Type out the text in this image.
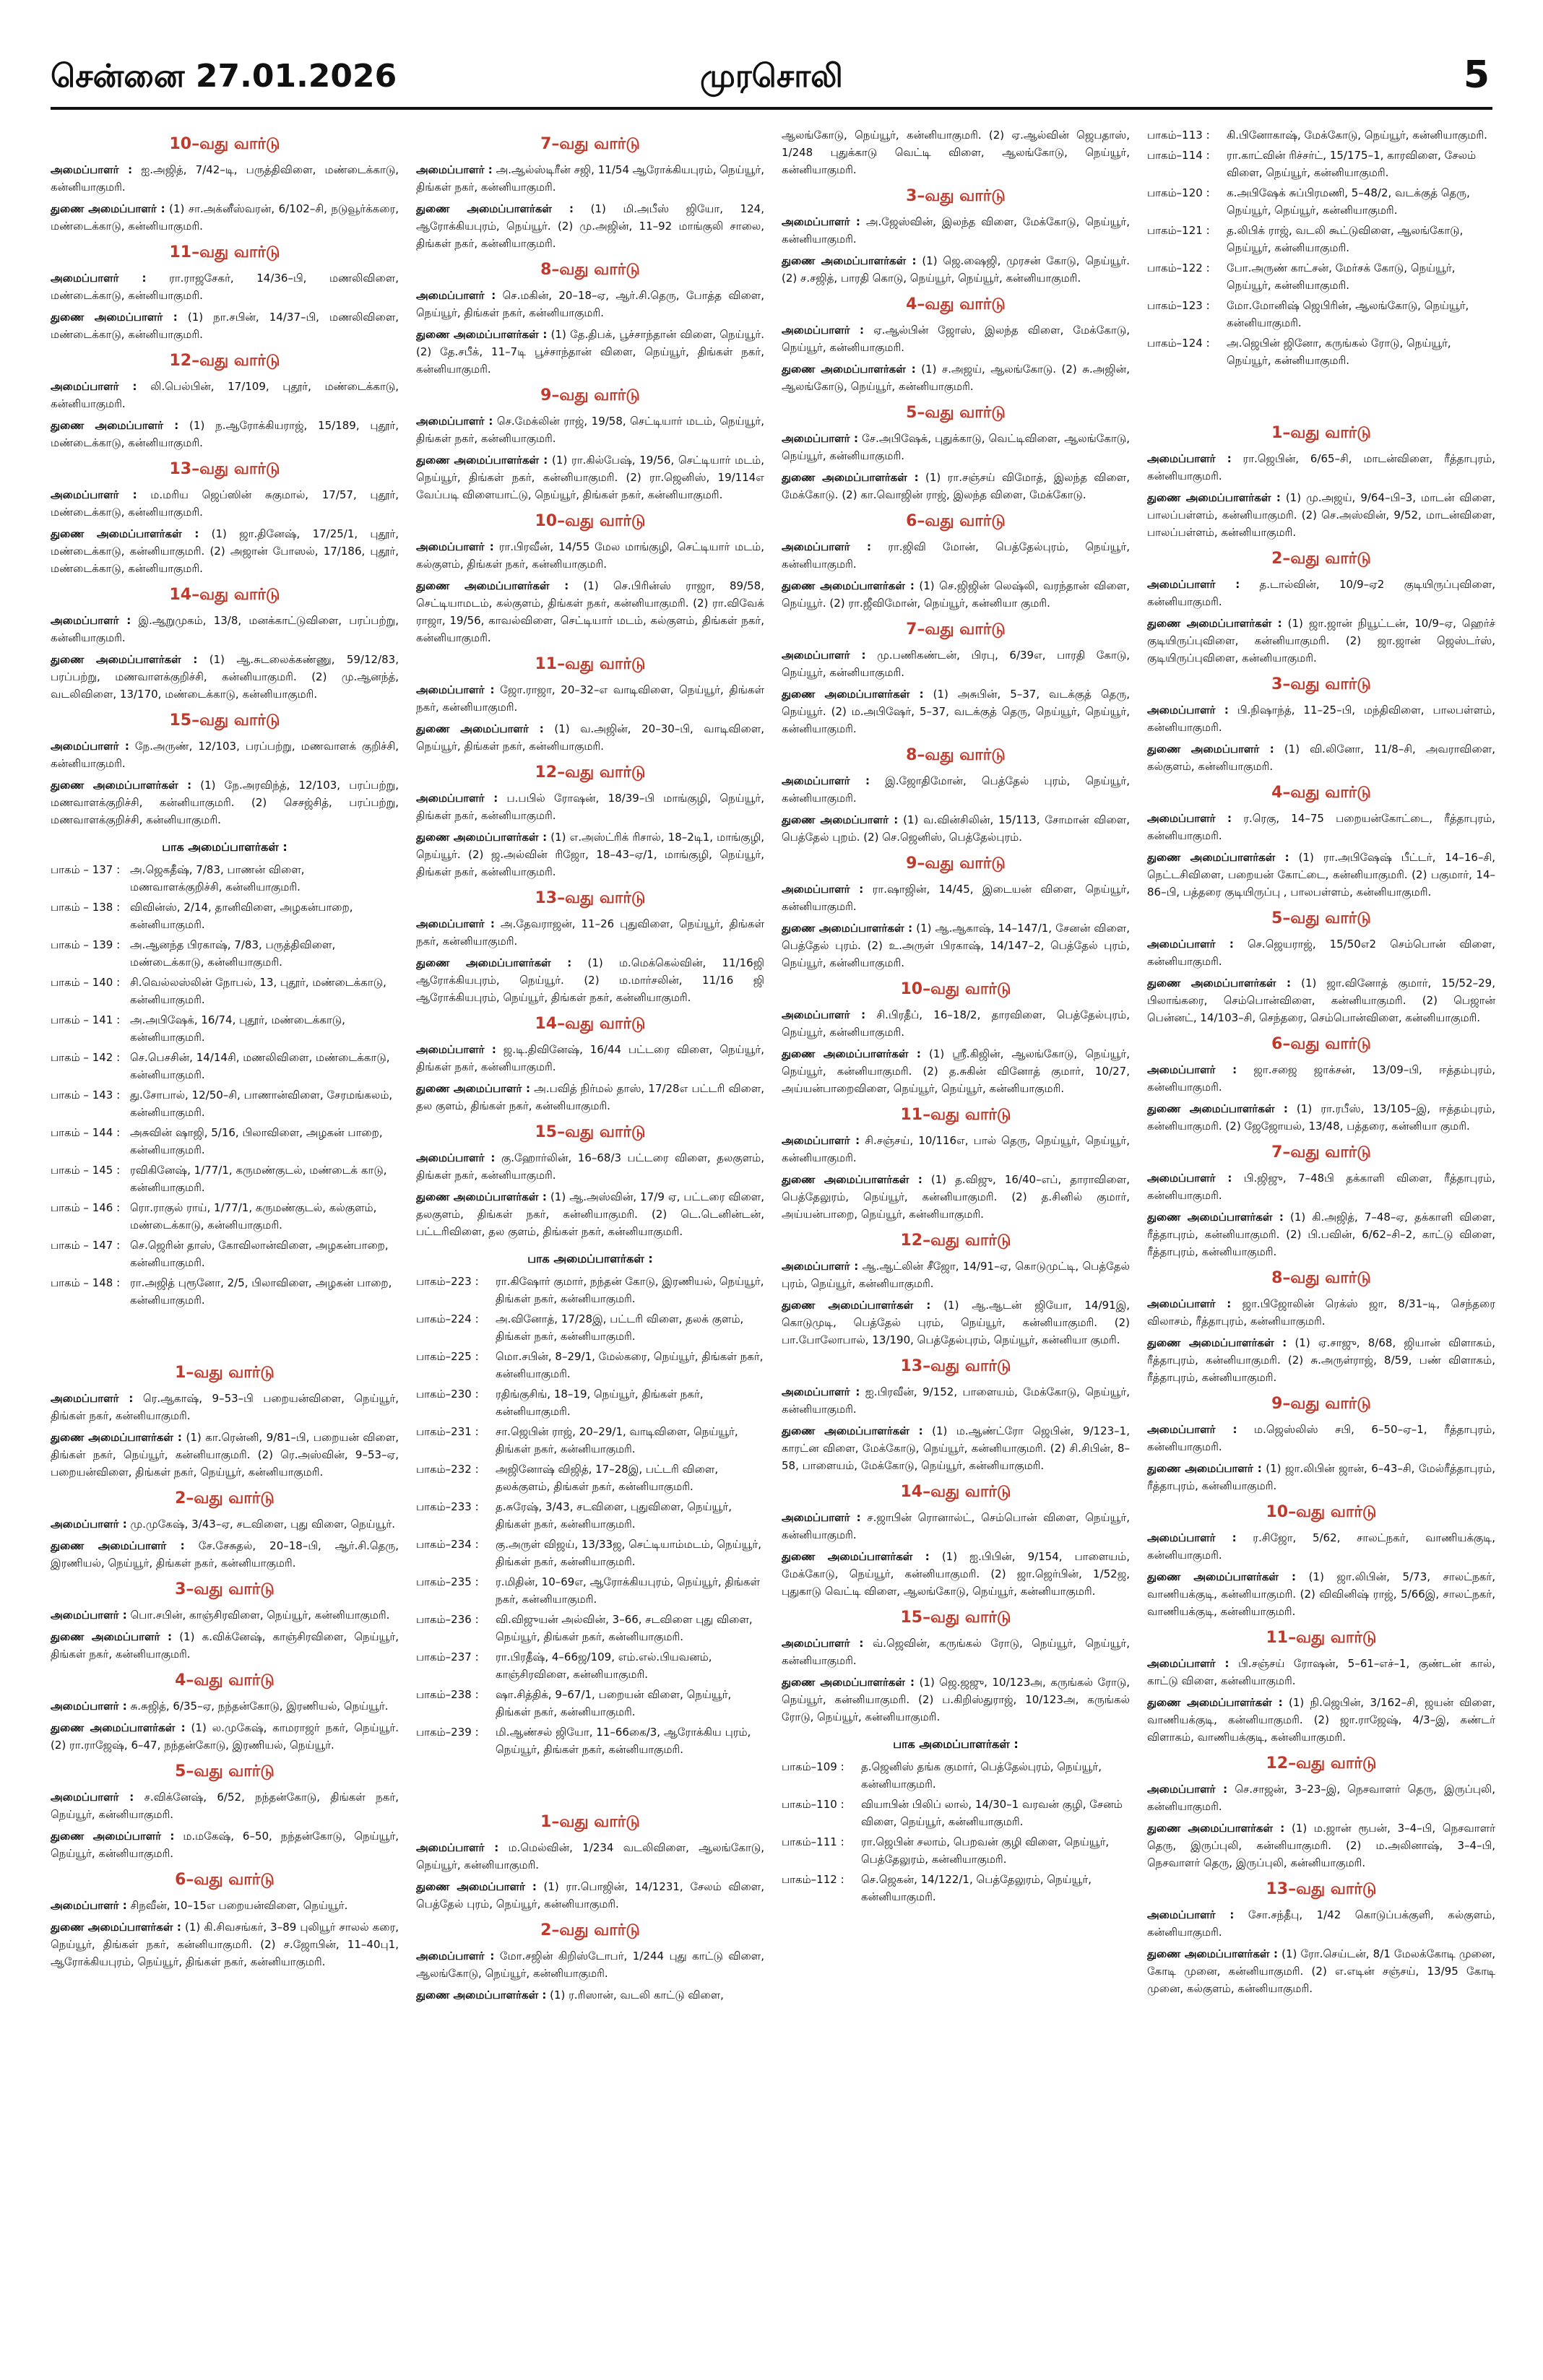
சென்னை 27.01.2026	முரசொலி	5
10–வது வார்டு

அமைப்பாளர் : ஐ.அஜித், 7/42–டி, பருத்திவிளை, மண்டைக்காடு, கன்னியாகுமரி.

துணை அமைப்பாளர் : (1) சா.அக்னீஸ்வரன், 6/102–சி, நடுவூர்க்கரை, மண்டைக்காடு, கன்னியாகுமரி.

11–வது வார்டு

அமைப்பாளர் : ரா.ராஜசேகர், 14/36–பி, மணலிவிளை, மண்டைக்காடு, கன்னியாகுமரி.

துணை அமைப்பாளர் : (1) நா.சபின், 14/37–பி, மணலிவிளை, மண்டைக்காடு, கன்னியாகுமரி.

12–வது வார்டு

அமைப்பாளர் : லி.பெல்பின், 17/109, புதூர், மண்டைக்காடு, கன்னியாகுமரி.

துணை அமைப்பாளர் : (1) ந.ஆரோக்கியராஜ், 15/189, புதூர், மண்டைக்காடு, கன்னியாகுமரி.

13–வது வார்டு

அமைப்பாளர் : ம.மரிய ஜெப்ஸின் சுகுமால், 17/57, புதூர், மண்டைக்காடு, கன்னியாகுமரி.

துணை அமைப்பாளர்கள் : (1) ஜா.தினேஷ், 17/25/1, புதூர், மண்டைக்காடு, கன்னியாகுமரி. (2) அஜான் போஸல், 17/186, புதூர், மண்டைக்காடு, கன்னியாகுமரி.

14–வது வார்டு

அமைப்பாளர் : இ.ஆறுமுகம், 13/8, மனக்காட்டுவிளை, பரப்பற்று, கன்னியாகுமரி.

துணை அமைப்பாளர்கள் : (1) ஆ.சுடலைக்கண்ணு, 59/12/83, பரப்பற்று, மணவாளக்குறிச்சி, கன்னியாகுமரி. (2) மு.ஆனந்த், வடலிவிளை, 13/170, மண்டைக்காடு, கன்னியாகுமரி.

15–வது வார்டு

அமைப்பாளர் : நே.அருண், 12/103, பரப்பற்று, மணவாளக் குறிச்சி, கன்னியாகுமரி.

துணை அமைப்பாளர்கள் : (1) நே.அரவிந்த், 12/103, பரப்பற்று, மணவாளக்குறிச்சி, கன்னியாகுமரி. (2) செசஜ்சித், பரப்பற்று, மணவாளக்குறிச்சி, கன்னியாகுமரி.

பாக அமைப்பாளர்கள் :
பாகம் – 137 : அ.ஜெகதீஷ், 7/83, பாணன் விளை, மணவாளக்குறிச்சி, கன்னியாகுமரி.
பாகம் – 138 : விவின்ஸ், 2/14, தானிவிளை, அழகன்பாறை, கன்னியாகுமரி.
பாகம் – 139 : அ.ஆனந்த பிரகாஷ், 7/83, பருத்திவிளை, மண்டைக்காடு, கன்னியாகுமரி.
பாகம் – 140 : சி.வெல்லஸ்லின் நோபல், 13, புதூர், மண்டைக்காடு, கன்னியாகுமரி.
பாகம் – 141 : அ.அபிஷேக், 16/74, புதூர், மண்டைக்காடு, கன்னியாகுமரி.
பாகம் – 142 : செ.பெசசின், 14/14சி, மணலிவிளை, மண்டைக்காடு, கன்னியாகுமரி.
பாகம் – 143 : து.சோபால், 12/50–சி, பாணான்விளை, சேரமங்கலம், கன்னியாகுமரி.
பாகம் – 144 : அசுவின் ஷாஜி, 5/16, பிலாவிளை, அழகன் பாறை, கன்னியாகுமரி.
பாகம் – 145 : ரவிகினேஷ், 1/77/1, கருமண்குடல், மண்டைக் காடு, கன்னியாகுமரி.
பாகம் – 146 : ரொ.ராகுல் ராய், 1/77/1, கருமண்குடல், கல்குளம், மண்டைக்காடு, கன்னியாகுமரி.
பாகம் – 147 : செ.ஜெரின் தாஸ், கோவிலான்விளை, அழகன்பாறை, கன்னியாகுமரி.
பாகம் – 148 : ரா.அஜித் புரூனோ, 2/5, பிலாவிளை, அழகன் பாறை, கன்னியாகுமரி.
1–வது வார்டு

அமைப்பாளர் : ரெ.ஆகாஷ், 9–53–பி பறையன்விளை, நெய்யூர், திங்கள் நகர், கன்னியாகுமரி.

துணை அமைப்பாளர்கள் : (1) கா.ரென்னி, 9/81–பி, பறையன் விளை, திங்கள் நகர், நெய்யூர், கன்னியாகுமரி. (2) ரெ.அஸ்வின், 9–53–ஏ, பறையன்விளை, திங்கள் நகர், நெய்யூர், கன்னியாகுமரி.

2–வது வார்டு

அமைப்பாளர் : மு.முகேஷ், 3/43–ஏ, சடவிளை, புது விளை, நெய்யூர்.

துணை அமைப்பாளர் : சே.சேசுதல், 20–18–பி, ஆர்.சி.தெரு, இரணியல், நெய்யூர், திங்கள் நகர், கன்னியாகுமரி.

3–வது வார்டு

அமைப்பாளர் : பொ.சபின், காஞ்சிரவிளை, நெய்யூர், கன்னியாகுமரி.

துணை அமைப்பாளர் : (1) க.விக்னேஷ், காஞ்சிரவிளை, நெய்யூர், திங்கள் நகர், கன்னியாகுமரி.

4–வது வார்டு

அமைப்பாளர் : சு.சுஜித், 6/35–ஏ, நந்தன்கோடு, இரணியல், நெய்யூர்.

துணை அமைப்பாளர்கள் : (1) ல.முகேஷ், காமராஜர் நகர், நெய்யூர். (2) ரா.ராஜேஷ், 6–47, நந்தன்கோடு, இரணியல், நெய்யூர்.

5–வது வார்டு

அமைப்பாளர் : ச.விக்னேஷ், 6/52, நந்தன்கோடு, திங்கள் நகர், நெய்யூர், கன்னியாகுமரி.

துணை அமைப்பாளர் : ம.மகேஷ், 6–50, நந்தன்கோடு, நெய்யூர், நெய்யூர், கன்னியாகுமரி.

6–வது வார்டு

அமைப்பாளர் : சிநவீன், 10–15எ பறையன்விளை, நெய்யூர்.

துணை அமைப்பாளர்கள் : (1) கி.சிவசங்கர், 3–89 புலியூர் சாலல் கரை, நெய்யூர், திங்கள் நகர், கன்னியாகுமரி. (2) ச.ஜோபின், 11–40பு1, ஆரோக்கியபுரம், நெய்யூர், திங்கள் நகர், கன்னியாகுமரி.

7–வது வார்டு

அமைப்பாளர் : அ.ஆல்ஸ்டிரீன் சஜி, 11/54 ஆரோக்கியபுரம், நெய்யூர், திங்கள் நகர், கன்னியாகுமரி.

துணை அமைப்பாளர்கள் : (1) மி.அபீஸ் ஜியோ, 124, ஆரோக்கியபுரம், நெய்யூர். (2) மு.அஜின், 11–92 மாங்குலி சாலை, திங்கள் நகர், கன்னியாகுமரி.

8–வது வார்டு

அமைப்பாளர் : செ.மகின், 20–18–ஏ, ஆர்.சி.தெரு, போத்த விளை, நெய்யூர், திங்கள் நகர், கன்னியாகுமரி.

துணை அமைப்பாளர்கள் : (1) தே.திபக், பூச்சாந்தான் விளை, நெய்யூர். (2) தே.சபீக், 11–7டி பூச்சாந்தான் விளை, நெய்யூர், திங்கள் நகர், கன்னியாகுமரி.

9–வது வார்டு

அமைப்பாளர் : செ.மேக்லின் ராஜ், 19/58, செட்டியார் மடம், நெய்யூர், திங்கள் நகர், கன்னியாகுமரி.

துணை அமைப்பாளர்கள் : (1) ரா.கில்பேஷ், 19/56, செட்டியார் மடம், நெய்யூர், திங்கள் நகர், கன்னியாகுமரி. (2) ரா.ஜெனிஸ், 19/114எ வேப்படி விளையாட்டு, நெய்யூர், திங்கள் நகர், கன்னியாகுமரி.

10–வது வார்டு

அமைப்பாளர் : ரா.பிரவீன், 14/55 மேல மாங்குழி, செட்டியார் மடம், கல்குளம், திங்கள் நகர், கன்னியாகுமரி.

துணை அமைப்பாளர்கள் : (1) செ.பிரின்ஸ் ராஜா, 89/58, செட்டியாமடம், கல்குளம், திங்கள் நகர், கன்னியாகுமரி. (2) ரா.விவேக் ராஜா, 19/56, காவல்விளை, செட்டியார் மடம், கல்குளம், திங்கள் நகர், கன்னியாகுமரி.

11–வது வார்டு

அமைப்பாளர் : ஜோ.ராஜா, 20–32–எ வாடிவிளை, நெய்யூர், திங்கள் நகர், கன்னியாகுமரி.

துணை அமைப்பாளர் : (1) வ.அஜின், 20–30–பி, வாடிவிளை, நெய்யூர், திங்கள் நகர், கன்னியாகுமரி.

12–வது வார்டு

அமைப்பாளர் : ப.பபில் ரோஷன், 18/39–பி மாங்குழி, நெய்யூர், திங்கள் நகர், கன்னியாகுமரி.

துணை அமைப்பாளர்கள் : (1) எ.அஸ்ட்ரிக் ரிசால், 18–2டி1, மாங்குழி, நெய்யூர். (2) ஜ.அல்வின் ரிஜோ, 18–43–ஏ/1, மாங்குழி, நெய்யூர், திங்கள் நகர், கன்னியாகுமரி.

13–வது வார்டு

அமைப்பாளர் : அ.தேவராஜன், 11–26 புதுவிளை, நெய்யூர், திங்கள் நகர், கன்னியாகுமரி.

துணை அமைப்பாளர்கள் : (1) ம.மெக்கெல்வின், 11/16ஜி ஆரோக்கியபுரம், நெய்யூர். (2) ம.மார்சலின், 11/16 ஜி ஆரோக்கியபுரம், நெய்யூர், திங்கள் நகர், கன்னியாகுமரி.

14–வது வார்டு

அமைப்பாளர் : ஜ.டி.திவினேஷ், 16/44 பட்டரை விளை, நெய்யூர், திங்கள் நகர், கன்னியாகுமரி.

துணை அமைப்பாளர் : அ.பவித் நிர்மல் தாஸ், 17/28எ பட்டரி விளை, தல குளம், திங்கள் நகர், கன்னியாகுமரி.

15–வது வார்டு

அமைப்பாளர் : கு.ஹோர்லின், 16–68/3 பட்டரை விளை, தலகுளம், திங்கள் நகர், கன்னியாகுமரி.

துணை அமைப்பாளர்கள் : (1) ஆ.அஸ்வின், 17/9 ஏ, பட்டரை விளை, தலகுளம், திங்கள் நகர், கன்னியாகுமரி. (2) டெ.டெனின்டன், பட்டரிவிளை, தல குளம், திங்கள் நகர், கன்னியாகுமரி.

பாக அமைப்பாளர்கள் :
பாகம்–223 :	ரா.கிஷோர் குமார், நந்தன் கோடு, இரணியல், நெய்யூர், திங்கள் நகர், கன்னியாகுமரி.
பாகம்–224 :	அ.வினோத், 17/28இ, பட்டரி விளை, தலக் குளம், திங்கள் நகர், கன்னியாகுமரி.
பாகம்–225 :	மொ.சபின், 8–29/1, மேல்கரை, நெய்யூர், திங்கள் நகர், கன்னியாகுமரி.
பாகம்–230 :	ரதிங்குசிங், 18–19, நெய்யூர், திங்கள் நகர், கன்னியாகுமரி.
பாகம்–231 :	சா.ஜெபின் ராஜ், 20–29/1, வாடிவிளை, நெய்யூர், திங்கள் நகர், கன்னியாகுமரி.
பாகம்–232 :	அஜினோஷ் விஜித், 17–28இ, பட்டரி விளை, தலக்குளம், திங்கள் நகர், கன்னியாகுமரி.
பாகம்–233 :	த.சுரேஷ், 3/43, சடவிளை, புதுவிளை, நெய்யூர், திங்கள் நகர், கன்னியாகுமரி.
பாகம்–234 :	கு.அருள் விஜய், 13/33ஜ, செட்டியாம்மடம், நெய்யூர், திங்கள் நகர், கன்னியாகுமரி.
பாகம்–235 :	ர.மிதின், 10–69எ, ஆரோக்கியபுரம், நெய்யூர், திங்கள் நகர், கன்னியாகுமரி.
பாகம்–236 :	வி.விஜுயன் அல்வின், 3–66, சடவிளை புது விளை, நெய்யூர், திங்கள் நகர், கன்னியாகுமரி.
பாகம்–237 :	ரா.பிரதீஷ், 4–66ஜ/109, எம்.எல்.பியவனம், காஞ்சிரவிளை, கன்னியாகுமரி.
பாகம்–238 :	ஷா.சித்திக், 9–67/1, பறையன் விளை, நெய்யூர், திங்கள் நகர், கன்னியாகுமரி.
பாகம்–239 :	மி.ஆண்சல் ஜியோ, 11–66கை/3, ஆரோக்கிய புரம், நெய்யூர், திங்கள் நகர், கன்னியாகுமரி.
1–வது வார்டு

அமைப்பாளர் : ம.மெல்வின், 1/234 வடலிவிளை, ஆலங்கோடு, நெய்யூர், கன்னியாகுமரி.

துணை அமைப்பாளர் : (1) ரா.பொஜின், 14/1231, சேலம் விளை, பெத்தேல் புரம், நெய்யூர், கன்னியாகுமரி.

2–வது வார்டு

அமைப்பாளர் : மோ.சஜின் கிறிஸ்டோபர், 1/244 புது காட்டு விளை, ஆலங்கோடு, நெய்யூர், கன்னியாகுமரி.

துணை அமைப்பாளர்கள் : (1) ர.ரிஸான், வடலி காட்டு விளை,

ஆலங்கோடு, நெய்யூர், கன்னியாகுமரி. (2) ஏ.ஆல்வின் ஜெபதாஸ், 1/248 புதுக்காடு வெட்டி விளை, ஆலங்கோடு, நெய்யூர், கன்னியாகுமரி.

3–வது வார்டு

அமைப்பாளர் : அ.ஜேஸ்வின், இலந்த விளை, மேக்கோடு, நெய்யூர், கன்னியாகுமரி.

துணை அமைப்பாளர்கள் : (1) ஜெ.ஷைஜி, முரசன் கோடு, நெய்யூர். (2) ச.சஜித், பாரதி கொடு, நெய்யூர், நெய்யூர், கன்னியாகுமரி.

4–வது வார்டு

அமைப்பாளர் : ஏ.ஆல்பின் ஜோஸ், இலந்த விளை, மேக்கோடு, நெய்யூர், கன்னியாகுமரி.

துணை அமைப்பாளர்கள் : (1) ச.அஜய், ஆலங்கோடு. (2) சு.அஜின், ஆலங்கோடு, நெய்யூர், கன்னியாகுமரி.

5–வது வார்டு

அமைப்பாளர் : சே.அபிஷேக், புதுக்காடு, வெட்டிவிளை, ஆலங்கோடு, நெய்யூர், கன்னியாகுமரி.

துணை அமைப்பாளர்கள் : (1) ரா.சஞ்சய் விமோத், இலந்த விளை, மேக்கோடு. (2) கா.வொஜின் ராஜ், இலந்த விளை, மேக்கோடு.

6–வது வார்டு

அமைப்பாளர் : ரா.ஜிவி மோன், பெத்தேல்புரம், நெய்யூர், கன்னியாகுமரி.

துணை அமைப்பாளர்கள் : (1) செ.ஜிஜின் லெஷ்லி, வரந்தான் விளை, நெய்யூர். (2) ரா.ஜீவிமோன், நெய்யூர், கன்னியா குமரி.

7–வது வார்டு

அமைப்பாளர் : மு.பணிகண்டன், பிரபு, 6/39எ, பாரதி கோடு, நெய்யூர், கன்னியாகுமரி.

துணை அமைப்பாளர்கள் : (1) அசுபின், 5–37, வடக்குத் தெரு, நெய்யூர். (2) ம.அபிஷேர், 5–37, வடக்குத் தெரு, நெய்யூர், நெய்யூர், கன்னியாகுமரி.

8–வது வார்டு

அமைப்பாளர் : இ.ஜோதிமோன், பெத்தேல் புரம், நெய்யூர், கன்னியாகுமரி.

துணை அமைப்பாளர் : (1) வ.வின்சிலின், 15/113, சோமான் விளை, பெத்தேல் புறம். (2) செ.ஜெனிஸ், பெத்தேல்புரம்.

9–வது வார்டு

அமைப்பாளர் : ரா.ஷாஜின், 14/45, இடையன் விளை, நெய்யூர், கன்னியாகுமரி.

துணை அமைப்பாளர்கள் : (1) ஆ.ஆகாஷ், 14–147/1, சேனன் விளை, பெத்தேல் புரம். (2) உ.அருள் பிரகாஷ், 14/147–2, பெத்தேல் புரம், நெய்யூர், கன்னியாகுமரி.

10–வது வார்டு

அமைப்பாளர் : சி.பிரதீப், 16–18/2, தாரவிளை, பெத்தேல்புரம், நெய்யூர், கன்னியாகுமரி.

துணை அமைப்பாளர்கள் : (1) ஸ்ரீ.கிஜின், ஆலங்கோடு, நெய்யூர், நெய்யூர், கன்னியாகுமரி. (2) த.சுகின் வினோத் குமார், 10/27, அய்யன்பாறைவிளை, நெய்யூர், நெய்யூர், கன்னியாகுமரி.

11–வது வார்டு

அமைப்பாளர் : சி.சஞ்சய், 10/116எ, பால் தெரு, நெய்யூர், நெய்யூர், கன்னியாகுமரி.

துணை அமைப்பாளர்கள் : (1) த.விஜு, 16/40–எப், தாராவிளை, பெத்தேலுரம், நெய்யூர், கன்னியாகுமரி. (2) த.சினில் குமார், அய்யன்பாறை, நெய்யூர், கன்னியாகுமரி.

12–வது வார்டு

அமைப்பாளர் : ஆ.ஆட்லின் சீஜோ, 14/91–ஏ, கொடுமுட்டி, பெத்தேல் புரம், நெய்யூர், கன்னியாகுமரி.

துணை அமைப்பாளர்கள் : (1) ஆ.ஆடன் ஜியோ, 14/91இ, கொடுமுடி, பெத்தேல் புரம், நெய்யூர், கன்னியாகுமரி. (2) பா.போலோபால், 13/190, பெத்தேல்புரம், நெய்யூர், கன்னியா குமரி.

13–வது வார்டு

அமைப்பாளர் : ஐ.பிரவீன், 9/152, பாளையம், மேக்கோடு, நெய்யூர், கன்னியாகுமரி.

துணை அமைப்பாளர்கள் : (1) ம.ஆண்ட்ரோ ஜெபின், 9/123–1, காரட்ன விளை, மேக்கோடு, நெய்யூர், கன்னியாகுமரி. (2) சி.சிபின், 8–58, பாளையம், மேக்கோடு, நெய்யூர், கன்னியாகுமரி.

14–வது வார்டு

அமைப்பாளர் : ச.ஜாபின் ரொனால்ட், செம்பொன் விளை, நெய்யூர், கன்னியாகுமரி.

துணை அமைப்பாளர்கள் : (1) ஐ.பிபின், 9/154, பாளையம், மேக்கோடு, நெய்யூர், கன்னியாகுமரி. (2) ஜா.ஜெர்பின், 1/52ஜ, புதுகாடு வெட்டி விளை, ஆலங்கோடு, நெய்யூர், கன்னியாகுமரி.

15–வது வார்டு

அமைப்பாளர் : வ்.ஜெவின், கருங்கல் ரோடு, நெய்யூர், நெய்யூர், கன்னியாகுமரி.

துணை அமைப்பாளர்கள் : (1) ஜெ.ஜஜு, 10/123அ, கருங்கல் ரோடு, நெய்யூர், கன்னியாகுமரி. (2) ப.கிறிஸ்துராஜ், 10/123அ, கருங்கல் ரோடு, நெய்யூர், கன்னியாகுமரி.

பாக அமைப்பாளர்கள் :
பாகம்–109 :	த.ஜெனிஸ் தங்க குமார், பெத்தேல்புரம், நெய்யூர், கன்னியாகுமரி.
பாகம்–110 :	வியாபின் பிலிப் லால், 14/30–1 வரவன் குழி, சேனம் விளை, நெய்யூர், கன்னியாகுமரி.
பாகம்–111 :	ரா.ஜெபின் சலாம், பெறவன் குழி விளை, நெய்யூர், பெத்தேலுரம், கன்னியாகுமரி.
பாகம்–112 :	செ.ஜெகன், 14/122/1, பெத்தேலுரம், நெய்யூர், கன்னியாகுமரி.
பாகம்–113 :	கி.பினோகாஷ், மேக்கோடு, நெய்யூர், கன்னியாகுமரி.
பாகம்–114 :	ரா.காட்வின் ரிச்சர்ட், 15/175–1, காரவிளை, சேலம் விளை, நெய்யூர், கன்னியாகுமரி.
பாகம்–120 :	க.அபிஷேக் சுப்பிரமணி, 5–48/2, வடக்குத் தெரு, நெய்யூர், நெய்யூர், கன்னியாகுமரி.
பாகம்–121 :	த.லிபிக் ராஜ், வடலி கூட்டுவிளை, ஆலங்கோடு, நெய்யூர், கன்னியாகுமரி.
பாகம்–122 :	போ.அருண் காட்சன், மேர்சக் கோடு, நெய்யூர், நெய்யூர், கன்னியாகுமரி.
பாகம்–123 :	மோ.மோனிஷ் ஜெபிரின், ஆலங்கோடு, நெய்யூர், கன்னியாகுமரி.
பாகம்–124 :	அ.ஜெபின் ஜினோ, கருங்கல் ரோடு, நெய்யூர், நெய்யூர், கன்னியாகுமரி.
1–வது வார்டு

அமைப்பாளர் : ரா.ஜெபின், 6/65–சி, மாடன்விளை, ரீத்தாபுரம், கன்னியாகுமரி.

துணை அமைப்பாளர்கள் : (1) மு.அஜய், 9/64–பி–3, மாடன் விளை, பாலப்பள்ளம், கன்னியாகுமரி. (2) செ.அஸ்வின், 9/52, மாடன்விளை, பாலப்பள்ளம், கன்னியாகுமரி.

2–வது வார்டு

அமைப்பாளர் : த.டால்வின், 10/9–ஏ2 குடியிருப்புவிளை, கன்னியாகுமரி.

துணை அமைப்பாளர்கள் : (1) ஜா.ஜான் நியூட்டன், 10/9–ஏ, ஹெர்ச் குடியிருப்புவிளை, கன்னியாகுமரி. (2) ஜா.ஜான் ஜெஸ்டர்ஸ், குடியிருப்புவிளை, கன்னியாகுமரி.

3–வது வார்டு

அமைப்பாளர் : பி.நிஷாந்த், 11–25–பி, மந்திவிளை, பாலபள்ளம், கன்னியாகுமரி.

துணை அமைப்பாளர் : (1) வி.லினோ, 11/8–சி, அவராவிளை, கல்குளம், கன்னியாகுமரி.

4–வது வார்டு

அமைப்பாளர் : ர.ரெகு, 14–75 பறையன்கோட்டை, ரீத்தாபுரம், கன்னியாகுமரி.

துணை அமைப்பாளர்கள் : (1) ரா.அபிஷேஷ் பீட்டர், 14–16–சி, நெட்டசிவிளை, பறையன் கோட்டை, கன்னியாகுமரி. (2) பகுமார், 14–86–பி, பத்தரை குடியிருப்பு , பாலபள்ளம், கன்னியாகுமரி.

5–வது வார்டு

அமைப்பாளர் : செ.ஜெயராஜ், 15/50எ2 செம்பொன் விளை, கன்னியாகுமரி.

துணை அமைப்பாளர்கள் : (1) ஜா.வினோத் குமார், 15/52–29, பிலாங்கரை, செம்பொன்விளை, கன்னியாகுமரி. (2) பெஜான் பென்னட், 14/103–சி, செந்தரை, செம்பொன்விளை, கன்னியாகுமரி.

6–வது வார்டு

அமைப்பாளர் : ஜா.சஜை ஜாக்சன், 13/09–பி, ஈத்தம்புரம், கன்னியாகுமரி.

துணை அமைப்பாளர்கள் : (1) ரா.ரபீஸ், 13/105–இ, ஈத்தம்புரம், கன்னியாகுமரி. (2) ஜேஜோயல், 13/48, பத்தரை, கன்னியா குமரி.

7–வது வார்டு

அமைப்பாளர் : பி.ஜிஜு, 7–48பி தக்காளி விளை, ரீத்தாபுரம், கன்னியாகுமரி.

துணை அமைப்பாளர்கள் : (1) கி.அஜித், 7–48–ஏ, தக்காளி விளை, ரீத்தாபுரம், கன்னியாகுமரி. (2) பி.பவின், 6/62–சி–2, காட்டு விளை, ரீத்தாபுரம், கன்னியாகுமரி.

8–வது வார்டு

அமைப்பாளர் : ஜா.பிஜோலின் ரெக்ஸ் ஜா, 8/31–டி, செந்தரை விலாசம், ரீத்தாபுரம், கன்னியாகுமரி.

துணை அமைப்பாளர்கள் : (1) ஏ.சாஜு, 8/68, ஜியான் விளாகம், ரீத்தாபுரம், கன்னியாகுமரி. (2) சு.அருள்ராஜ், 8/59, பண் விளாகம், ரீத்தாபுரம், கன்னியாகுமரி.

9–வது வார்டு

அமைப்பாளர் : ம.ஜெஸ்லிஸ் சபி, 6–50–ஏ–1, ரீத்தாபுரம், கன்னியாகுமரி.

துணை அமைப்பாளர் : (1) ஜா.லிபின் ஜான், 6–43–சி, மேல்ரீத்தாபுரம், ரீத்தாபுரம், கன்னியாகுமரி.

10–வது வார்டு

அமைப்பாளர் : ர.சிஜோ, 5/62, சாலட்நகர், வாணியக்குடி, கன்னியாகுமரி.

துணை அமைப்பாளர்கள் : (1) ஜா.லிபின், 5/73, சாலட்நகர், வாணியக்குடி, கன்னியாகுமரி. (2) விவினிஷ் ராஜ், 5/66இ, சாலட்நகர், வாணியக்குடி, கன்னியாகுமரி.

11–வது வார்டு

அமைப்பாளர் : பி.சஞ்சய் ரோஷன், 5–61–எச்–1, குண்டன் கால், காட்டு விளை, கன்னியாகுமரி.

துணை அமைப்பாளர்கள் : (1) நி.ஜெபின், 3/162–சி, ஜயன் விளை, வாணியக்குடி, கன்னியாகுமரி. (2) ஜா.ராஜேஷ், 4/3–இ, கண்டர் விளாகம், வாணியக்குடி, கன்னியாகுமரி.

12–வது வார்டு

அமைப்பாளர் : செ.சாஜன், 3–23–இ, நெசவாளர் தெரு, இருப்புலி, கன்னியாகுமரி.

துணை அமைப்பாளர்கள் : (1) ம.ஜான் ரூபன், 3–4–பி, நெசவாளர் தெரு, இருப்புலி, கன்னியாகுமரி. (2) ம.அலினாஷ், 3–4–பி, நெசவாளர் தெரு, இருப்புலி, கன்னியாகுமரி.

13–வது வார்டு

அமைப்பாளர் : சோ.சந்தீபு, 1/42 கொடுப்பக்குளி, கல்குளம், கன்னியாகுமரி.

துணை அமைப்பாளர்கள் : (1) ரோ.செய்டன், 8/1 மேலக்கோடி முனை, கோடி முனை, கன்னியாகுமரி. (2) எ.எடின் சஞ்சய், 13/95 கோடி முனை, கல்குளம், கன்னியாகுமரி.
